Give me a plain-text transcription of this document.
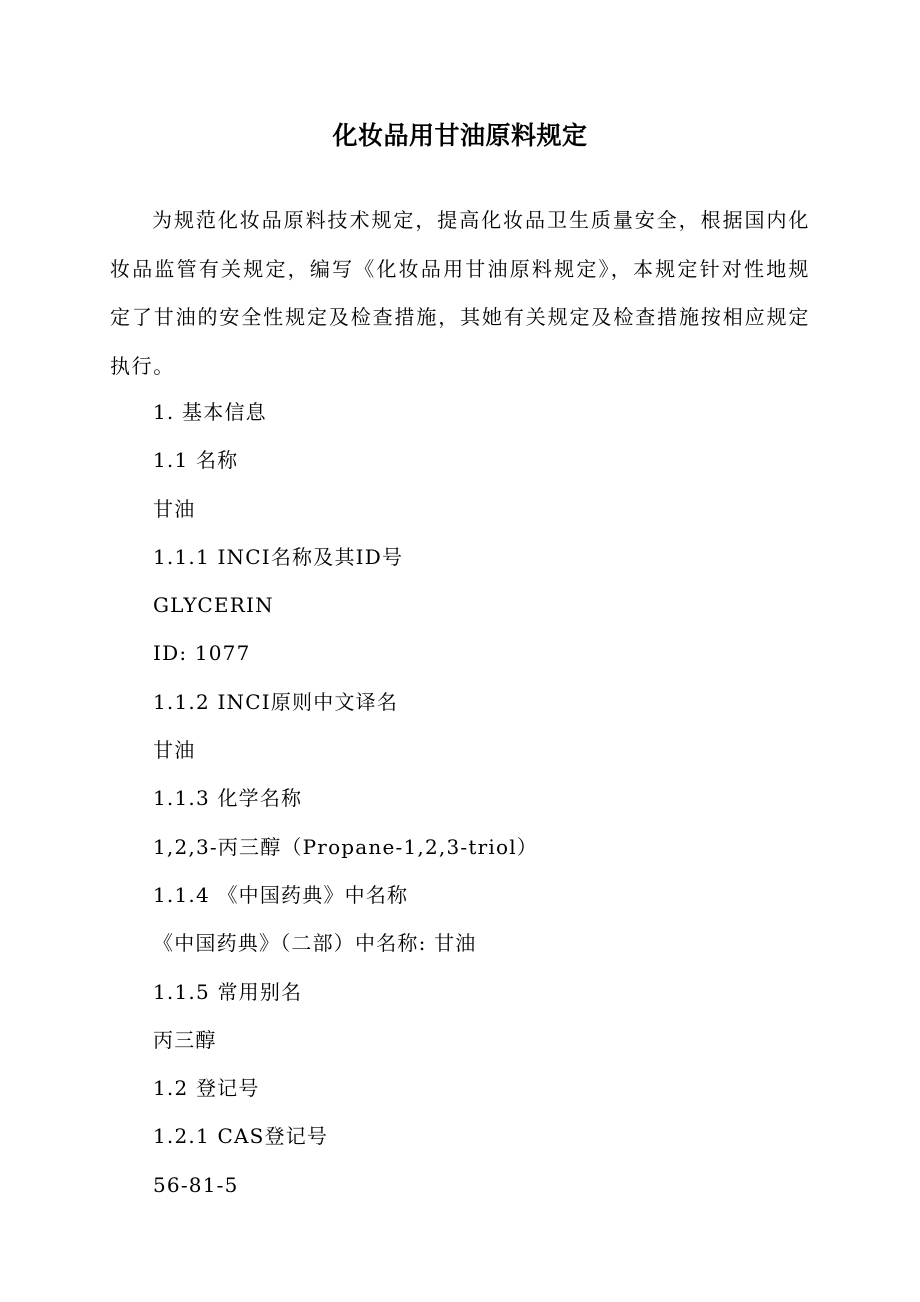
化妆品用甘油原料规定

为规范化妆品原料技术规定，提高化妆品卫生质量安全，根据国内化妆品监管有关规定，编写《化妆品用甘油原料规定》，本规定针对性地规定了甘油的安全性规定及检查措施，其她有关规定及检查措施按相应规定执行。

1. 基本信息
1.1 名称
甘油
1.1.1 INCI名称及其ID号
GLYCERIN
ID: 1077
1.1.2 INCI原则中文译名
甘油
1.1.3 化学名称
1,2,3-丙三醇（Propane-1,2,3-triol）
1.1.4 《中国药典》中名称
《中国药典》（二部）中名称: 甘油
1.1.5 常用别名
丙三醇
1.2 登记号
1.2.1 CAS登记号
56-81-5
